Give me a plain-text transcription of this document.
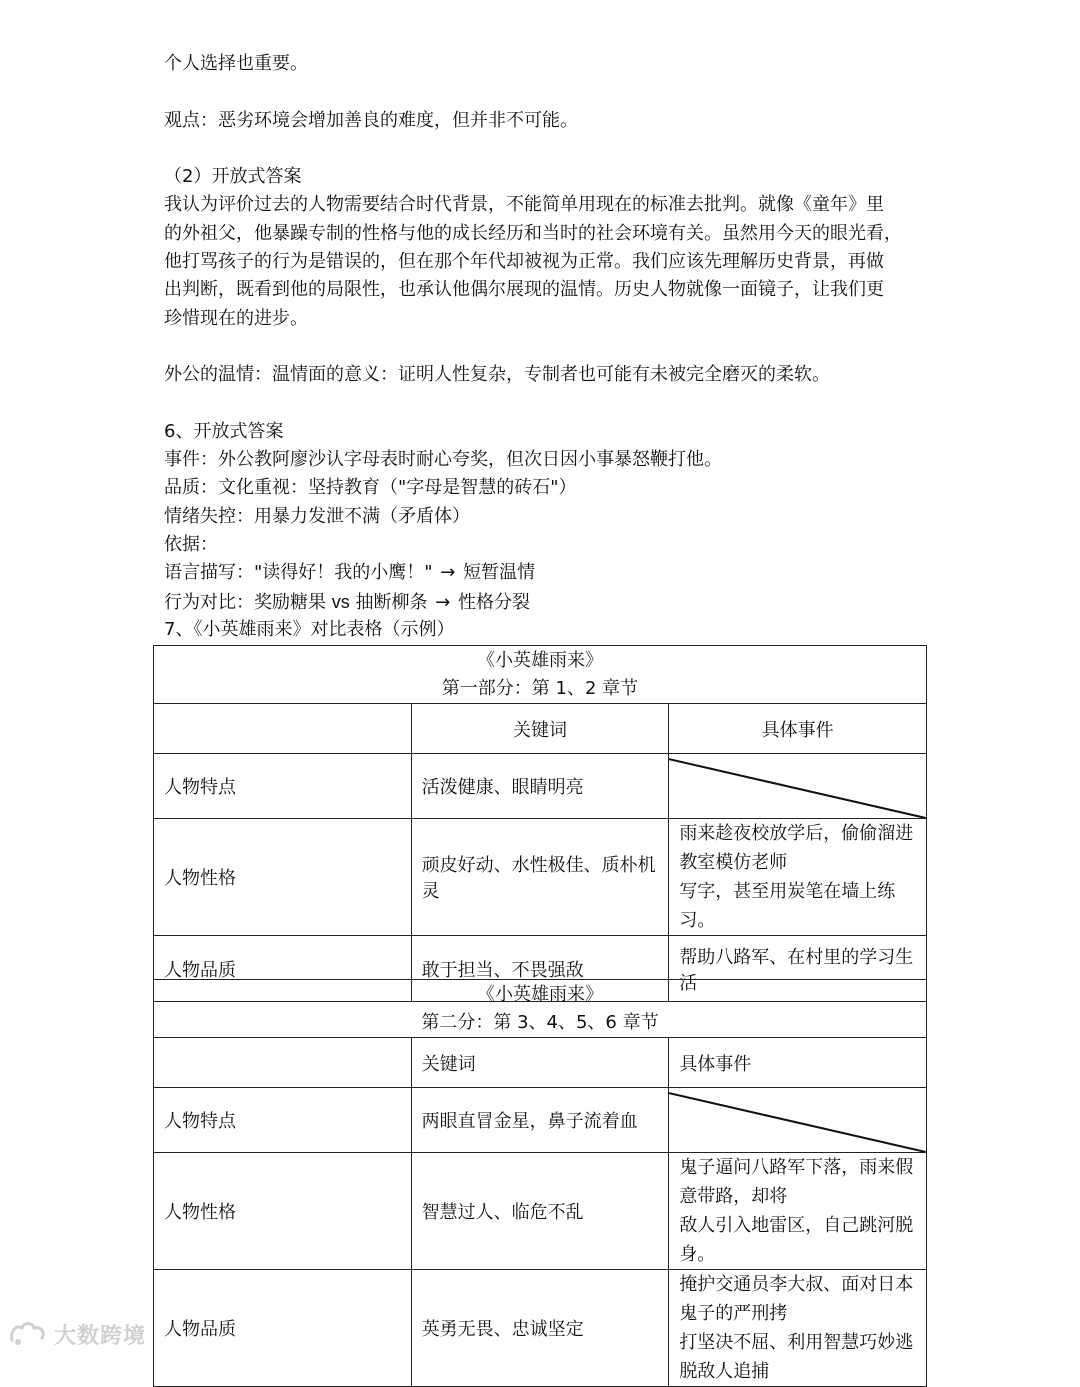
个人选择也重要。
观点：恶劣环境会增加善良的难度，但并非不可能。
（2）开放式答案
我认为评价过去的人物需要结合时代背景，不能简单用现在的标准去批判。就像《童年》里
的外祖父，他暴躁专制的性格与他的成长经历和当时的社会环境有关。虽然用今天的眼光看，
他打骂孩子的行为是错误的，但在那个年代却被视为正常。我们应该先理解历史背景，再做
出判断，既看到他的局限性，也承认他偶尔展现的温情。历史人物就像一面镜子，让我们更
珍惜现在的进步。
外公的温情：温情面的意义：证明人性复杂，专制者也可能有未被完全磨灭的柔软。
6、开放式答案
事件：外公教阿廖沙认字母表时耐心夸奖，但次日因小事暴怒鞭打他。
品质：文化重视：坚持教育（"字母是智慧的砖石"）
情绪失控：用暴力发泄不满（矛盾体）
依据：
语言描写："读得好！我的小鹰！" → 短暂温情
行为对比：奖励糖果 vs 抽断柳条 → 性格分裂
7、《小英雄雨来》对比表格（示例）
《小英雄雨来》
第一部分：第 1、2 章节		

	关键词	具体事件
人物特点	活泼健康、眼睛明亮	

人物性格	顽皮好动、水性极佳、质朴机灵	雨来趁夜校放学后，偷偷溜进教室模仿老师
写字，甚至用炭笔在墙上练习。

人物品质	敢于担当、不畏强敌	帮助八路军、在村里的学习生活
《小英雄雨来》
第二分：第 3、4、5、6 章节		

	关键词	具体事件
人物特点	两眼直冒金星，鼻子流着血	

人物性格	智慧过人、临危不乱	鬼子逼问八路军下落，雨来假意带路，却将
敌人引入地雷区，自己跳河脱身。

人物品质	英勇无畏、忠诚坚定	掩护交通员李大叔、面对日本鬼子的严刑拷
打坚决不屈、利用智慧巧妙逃脱敌人追捕
大数跨境
